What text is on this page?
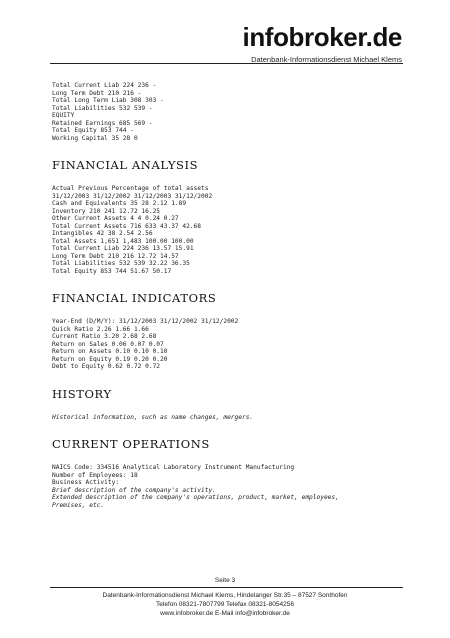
infobroker.de
Datenbank-Informationsdienst Michael Klems
Total Current Liab 224 236 -
Long Term Debt 210 216 -
Total Long Term Liab 308 303 -
Total Liabilities 532 539 -
EQUITY
Retained Earnings 685 569 -
Total Equity 853 744 -
Working Capital 35 28 0
FINANCIAL ANALYSIS
Actual Previous Percentage of total assets
31/12/2003 31/12/2002 31/12/2003 31/12/2002
Cash and Equivalents 35 28 2.12 1.89
Inventory 210 241 12.72 16.25
Other Current Assets 4 4 0.24 0.27
Total Current Assets 716 633 43.37 42.68
Intangibles 42 38 2.54 2.56
Total Assets 1,651 1,483 100.00 100.00
Total Current Liab 224 236 13.57 15.91
Long Term Debt 210 216 12.72 14.57
Total Liabilities 532 539 32.22 36.35
Total Equity 853 744 51.67 50.17
FINANCIAL INDICATORS
Year-End (D/M/Y): 31/12/2003 31/12/2002 31/12/2002
Quick Ratio 2.26 1.66 1.66
Current Ratio 3.20 2.68 2.68
Return on Sales 0.06 0.07 0.07
Return on Assets 0.10 0.10 0.10
Return on Equity 0.19 0.20 0.20
Debt to Equity 0.62 0.72 0.72
HISTORY
Historical information, such as name changes, mergers.
CURRENT OPERATIONS
NAICS Code: 334516 Analytical Laboratory Instrument Manufacturing
Number of Employees: 18
Business Activity:
Brief description of the company's activity.
Extended description of the company's operations, product, market, employees,
Premises, etc.
Seite 3
Datenbank-Informationsdienst Michael Klems, Hindelanger Str.35 – 87527 Sonthofen
Telefon 08321-7807799 Telefax 08321-8054256
www.infobroker.de E-Mail info@infobroker.de
